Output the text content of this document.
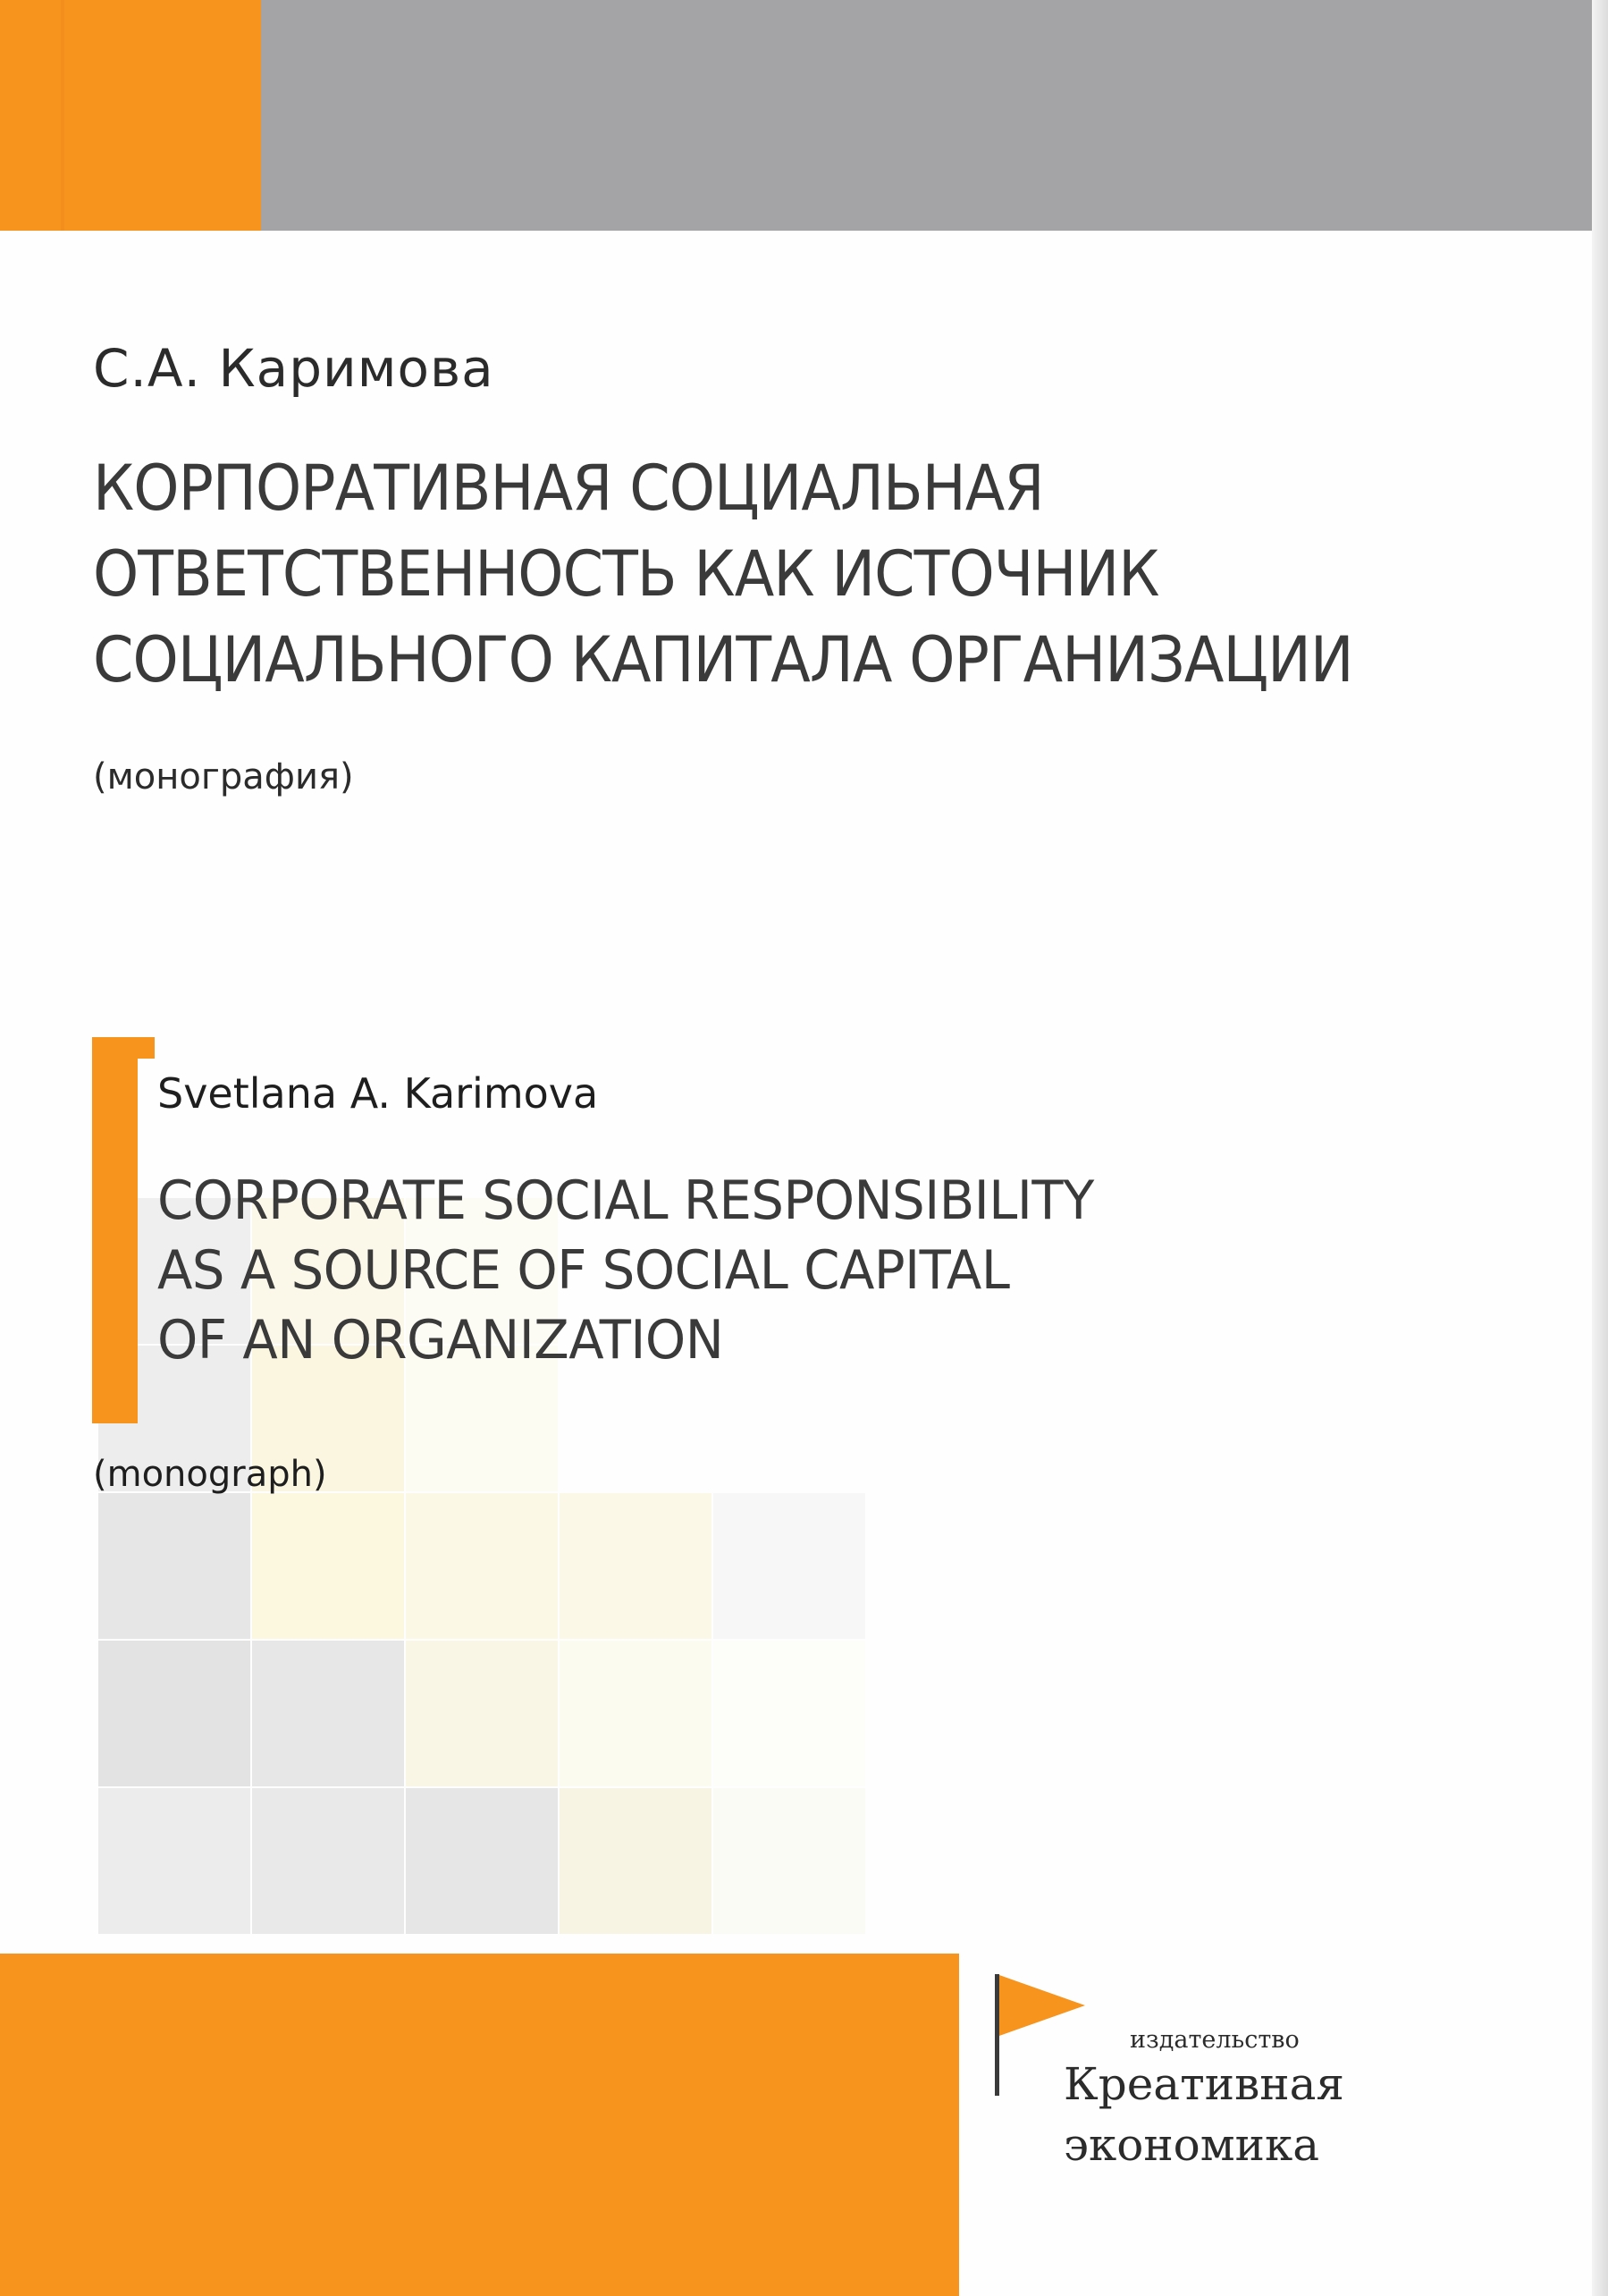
С.А. Каримова
КОРПОРАТИВНАЯ СОЦИАЛЬНАЯ
ОТВЕТСТВЕННОСТЬ КАК ИСТОЧНИК
СОЦИАЛЬНОГО КАПИТАЛА ОРГАНИЗАЦИИ
(монография)
Svetlana A. Karimova
CORPORATE SOCIAL RESPONSIBILITY
AS A SOURCE OF SOCIAL CAPITAL
OF AN ORGANIZATION
(monograph)
издательство
Креативная
экономика
